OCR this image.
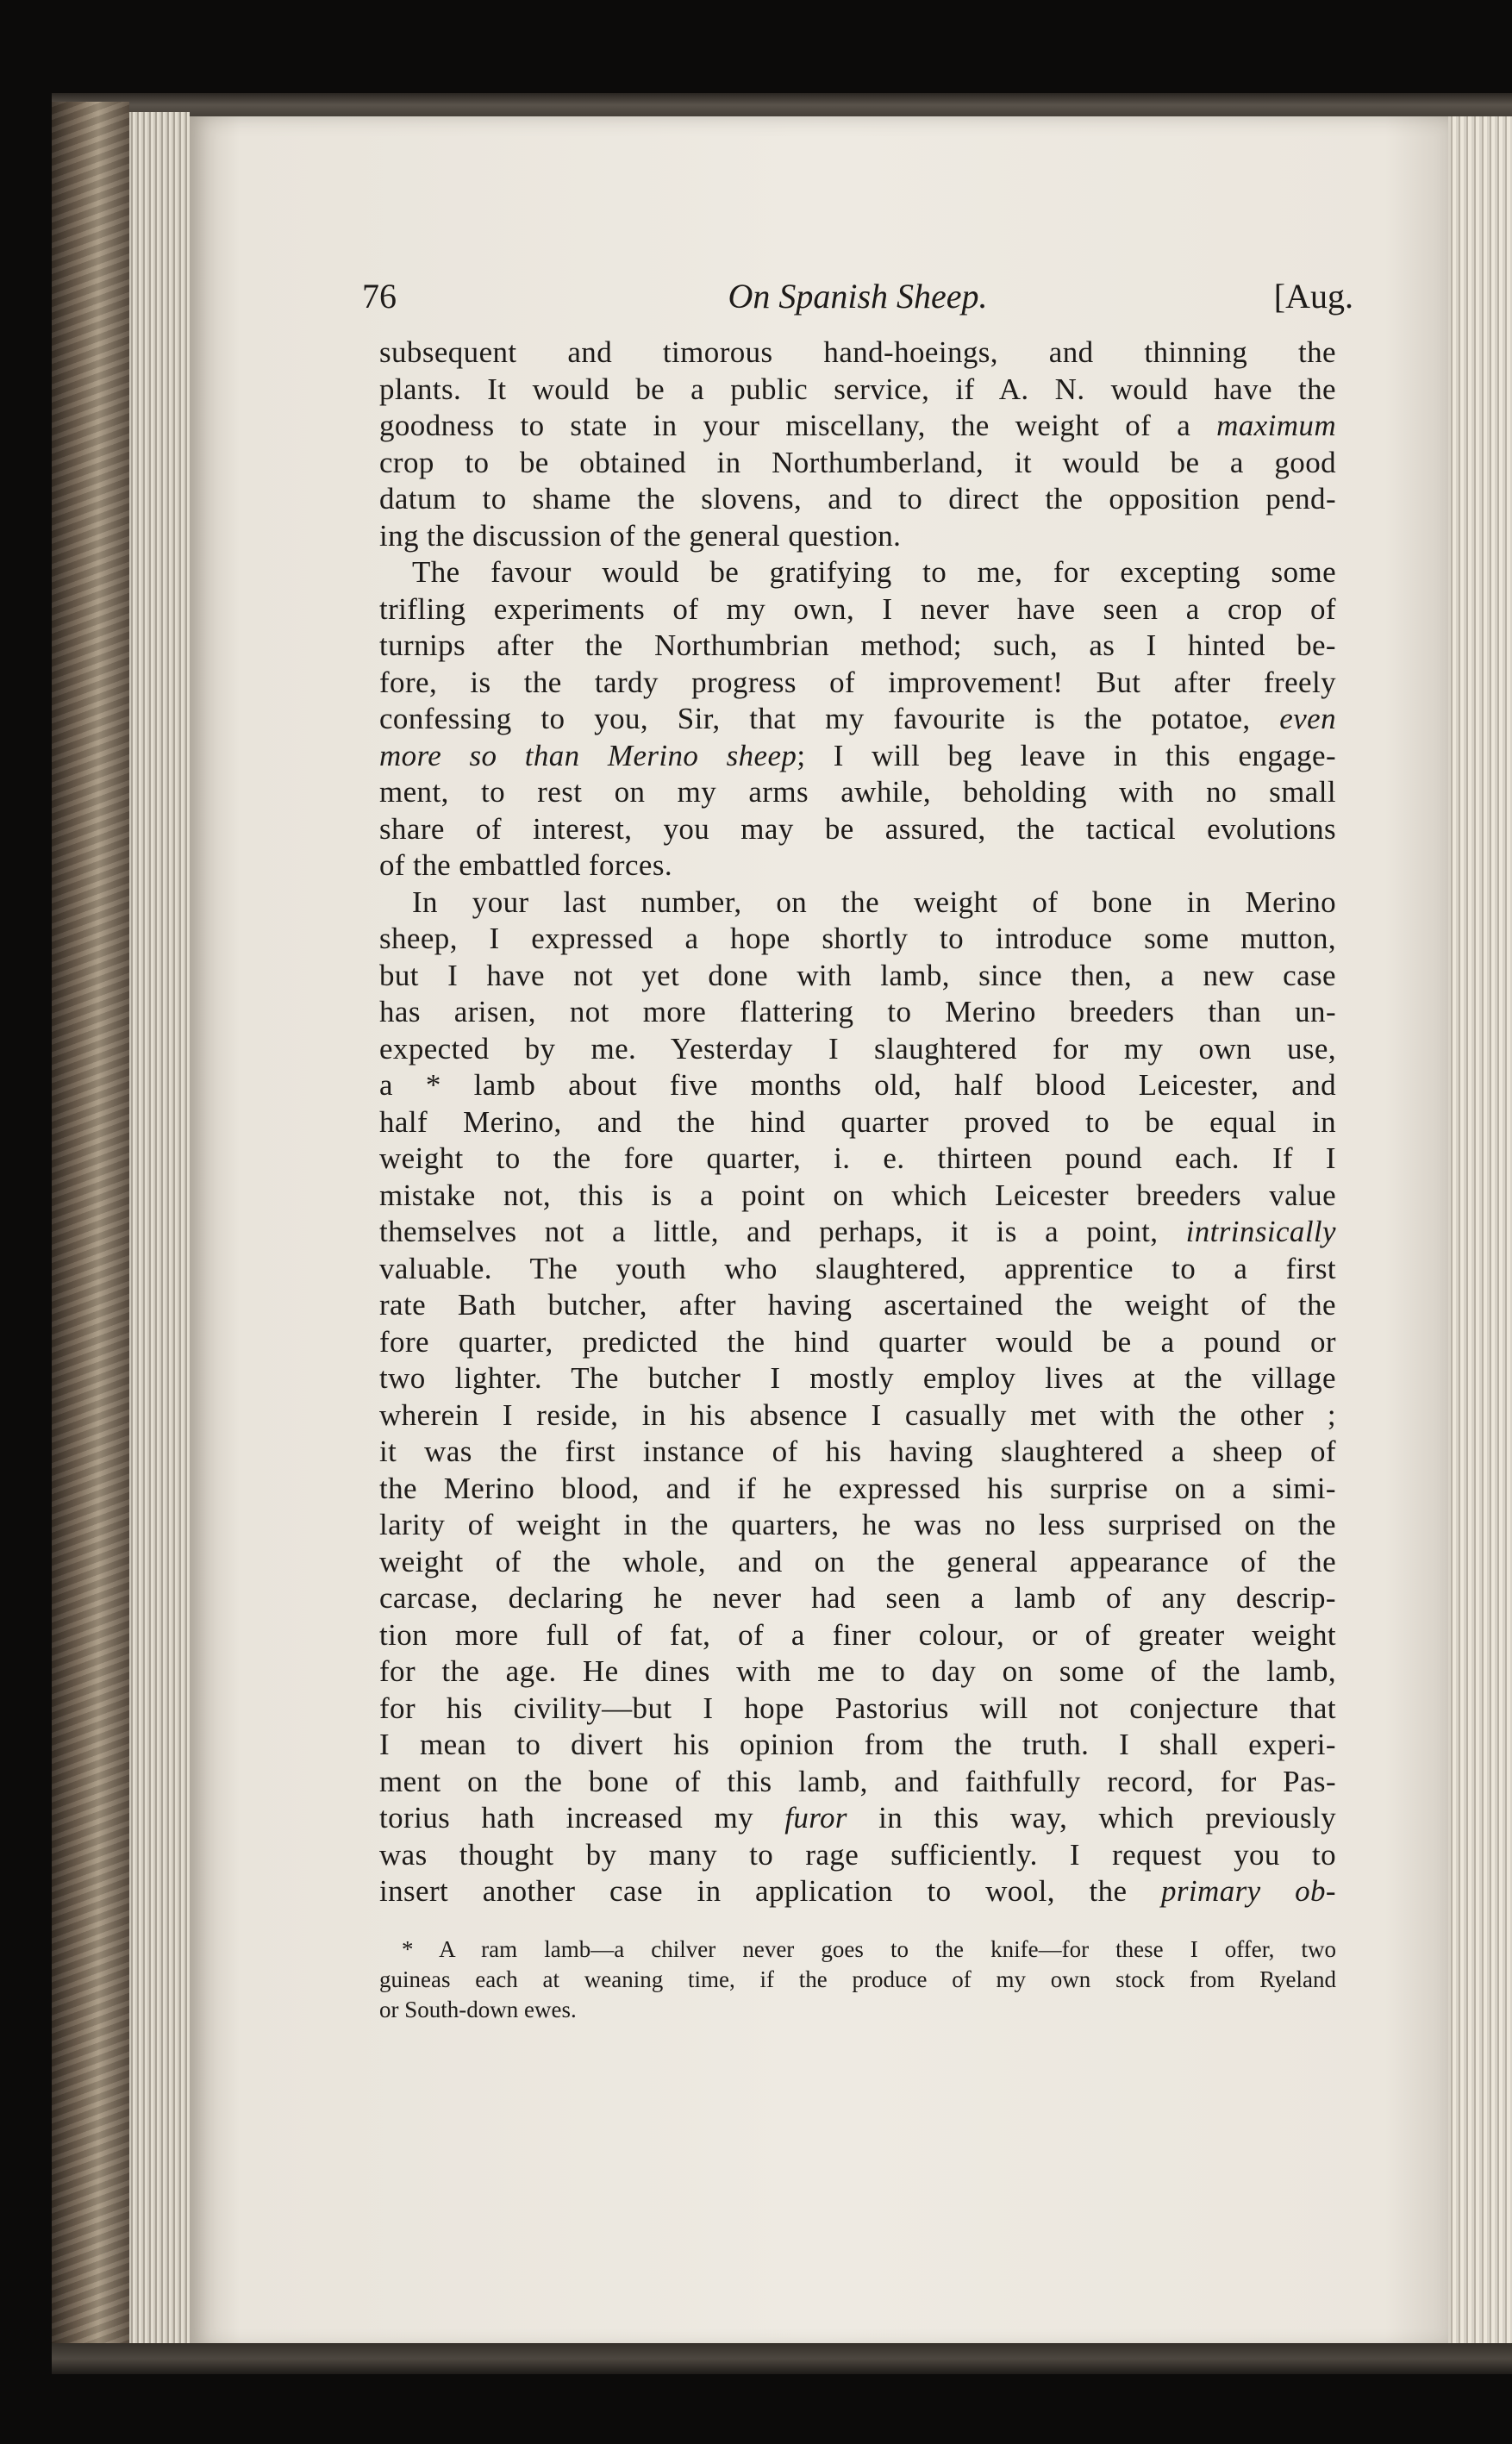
76	On Spanish Sheep.	[Aug.
subsequent and timorous hand-hoeings, and thinning the
plants. It would be a public service, if A. N. would have the
goodness to state in your miscellany, the weight of a maximum
crop to be obtained in Northumberland, it would be a good
datum to shame the slovens, and to direct the opposition pend-
ing the discussion of the general question.
The favour would be gratifying to me, for excepting some
trifling experiments of my own, I never have seen a crop of
turnips after the Northumbrian method; such, as I hinted be-
fore, is the tardy progress of improvement! But after freely
confessing to you, Sir, that my favourite is the potatoe, even
more so than Merino sheep; I will beg leave in this engage-
ment, to rest on my arms awhile, beholding with no small
share of interest, you may be assured, the tactical evolutions
of the embattled forces.
In your last number, on the weight of bone in Merino
sheep, I expressed a hope shortly to introduce some mutton,
but I have not yet done with lamb, since then, a new case
has arisen, not more flattering to Merino breeders than un-
expected by me. Yesterday I slaughtered for my own use,
a * lamb about five months old, half blood Leicester, and
half Merino, and the hind quarter proved to be equal in
weight to the fore quarter, i. e. thirteen pound each. If I
mistake not, this is a point on which Leicester breeders value
themselves not a little, and perhaps, it is a point, intrinsically
valuable. The youth who slaughtered, apprentice to a first
rate Bath butcher, after having ascertained the weight of the
fore quarter, predicted the hind quarter would be a pound or
two lighter. The butcher I mostly employ lives at the village
wherein I reside, in his absence I casually met with the other ;
it was the first instance of his having slaughtered a sheep of
the Merino blood, and if he expressed his surprise on a simi-
larity of weight in the quarters, he was no less surprised on the
weight of the whole, and on the general appearance of the
carcase, declaring he never had seen a lamb of any descrip-
tion more full of fat, of a finer colour, or of greater weight
for the age. He dines with me to day on some of the lamb,
for his civility—but I hope Pastorius will not conjecture that
I mean to divert his opinion from the truth. I shall experi-
ment on the bone of this lamb, and faithfully record, for Pas-
torius hath increased my furor in this way, which previously
was thought by many to rage sufficiently. I request you to
insert another case in application to wool, the primary ob-
* A ram lamb—a chilver never goes to the knife—for these I offer, two
guineas each at weaning time, if the produce of my own stock from Ryeland
or South-down ewes.
